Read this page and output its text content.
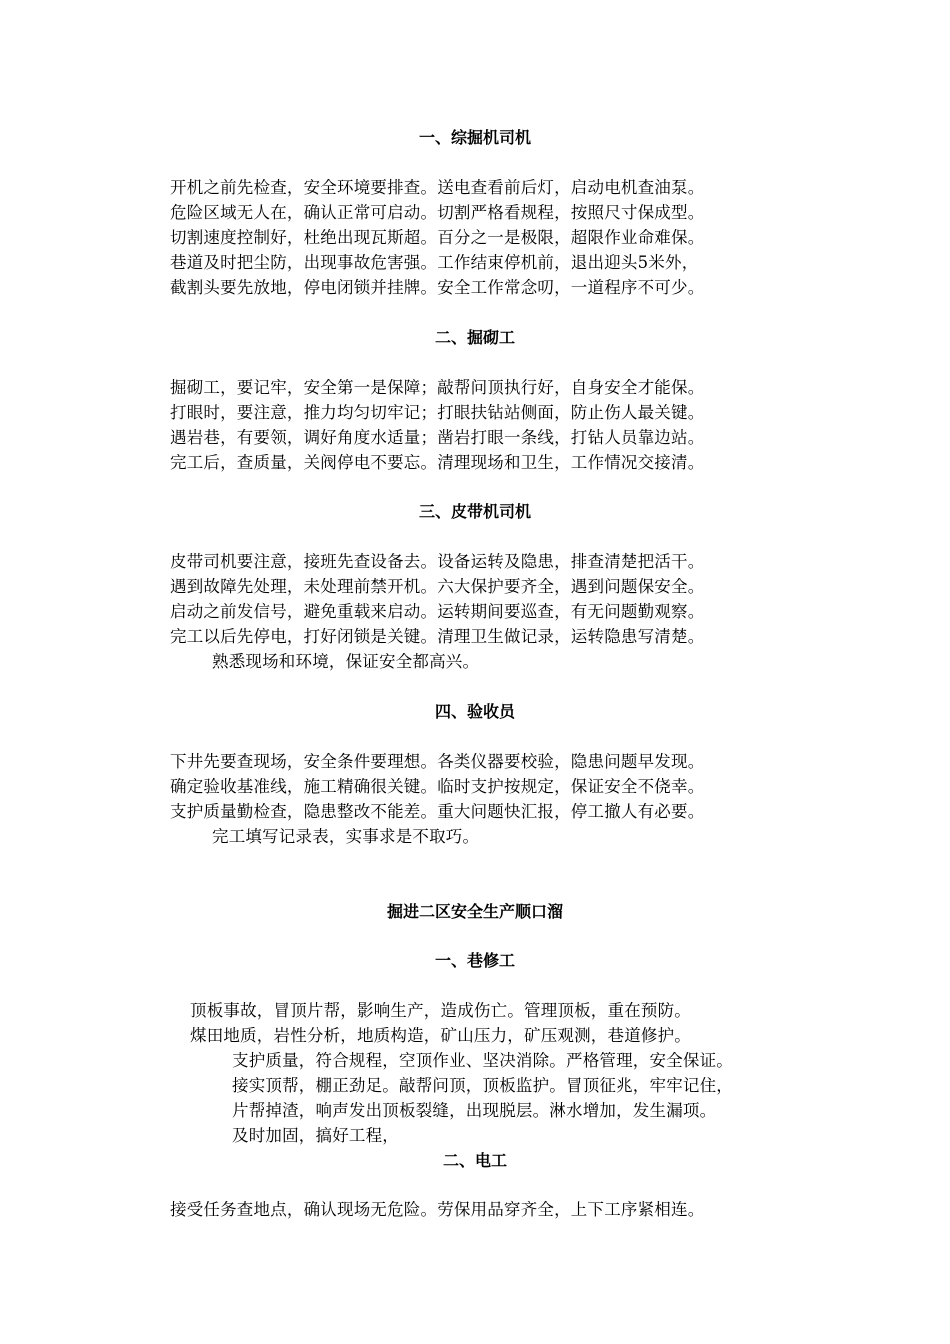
一、综掘机司机
开机之前先检查，安全环境要排查。送电查看前后灯，启动电机查油泵。
危险区域无人在，确认正常可启动。切割严格看规程，按照尺寸保成型。
切割速度控制好，杜绝出现瓦斯超。百分之一是极限，超限作业命难保。
巷道及时把尘防，出现事故危害强。工作结束停机前，退出迎头5米外，
截割头要先放地，停电闭锁并挂牌。安全工作常念叨，一道程序不可少。
二、掘砌工
掘砌工，要记牢，安全第一是保障；敲帮问顶执行好，自身安全才能保。
打眼时，要注意，推力均匀切牢记；打眼扶钻站侧面，防止伤人最关键。
遇岩巷，有要领，调好角度水适量；凿岩打眼一条线，打钻人员靠边站。
完工后，查质量，关阀停电不要忘。清理现场和卫生，工作情况交接清。
三、皮带机司机
皮带司机要注意，接班先查设备去。设备运转及隐患，排查清楚把活干。
遇到故障先处理，未处理前禁开机。六大保护要齐全，遇到问题保安全。
启动之前发信号，避免重载来启动。运转期间要巡查，有无问题勤观察。
完工以后先停电，打好闭锁是关键。清理卫生做记录，运转隐患写清楚。
熟悉现场和环境，保证安全都高兴。
四、验收员
下井先要查现场，安全条件要理想。各类仪器要校验，隐患问题早发现。
确定验收基准线，施工精确很关键。临时支护按规定，保证安全不侥幸。
支护质量勤检查，隐患整改不能差。重大问题快汇报，停工撤人有必要。
完工填写记录表，实事求是不取巧。
掘进二区安全生产顺口溜
一、巷修工
顶板事故，冒顶片帮，影响生产，造成伤亡。管理顶板，重在预防。
煤田地质，岩性分析，地质构造，矿山压力，矿压观测，巷道修护。
支护质量，符合规程，空顶作业、坚决消除。严格管理，安全保证。
接实顶帮，棚正劲足。敲帮问顶，顶板监护。冒顶征兆，牢牢记住，
片帮掉渣，响声发出顶板裂缝，出现脱层。淋水增加，发生漏项。
及时加固，搞好工程，
二、电工
接受任务查地点，确认现场无危险。劳保用品穿齐全，上下工序紧相连。
